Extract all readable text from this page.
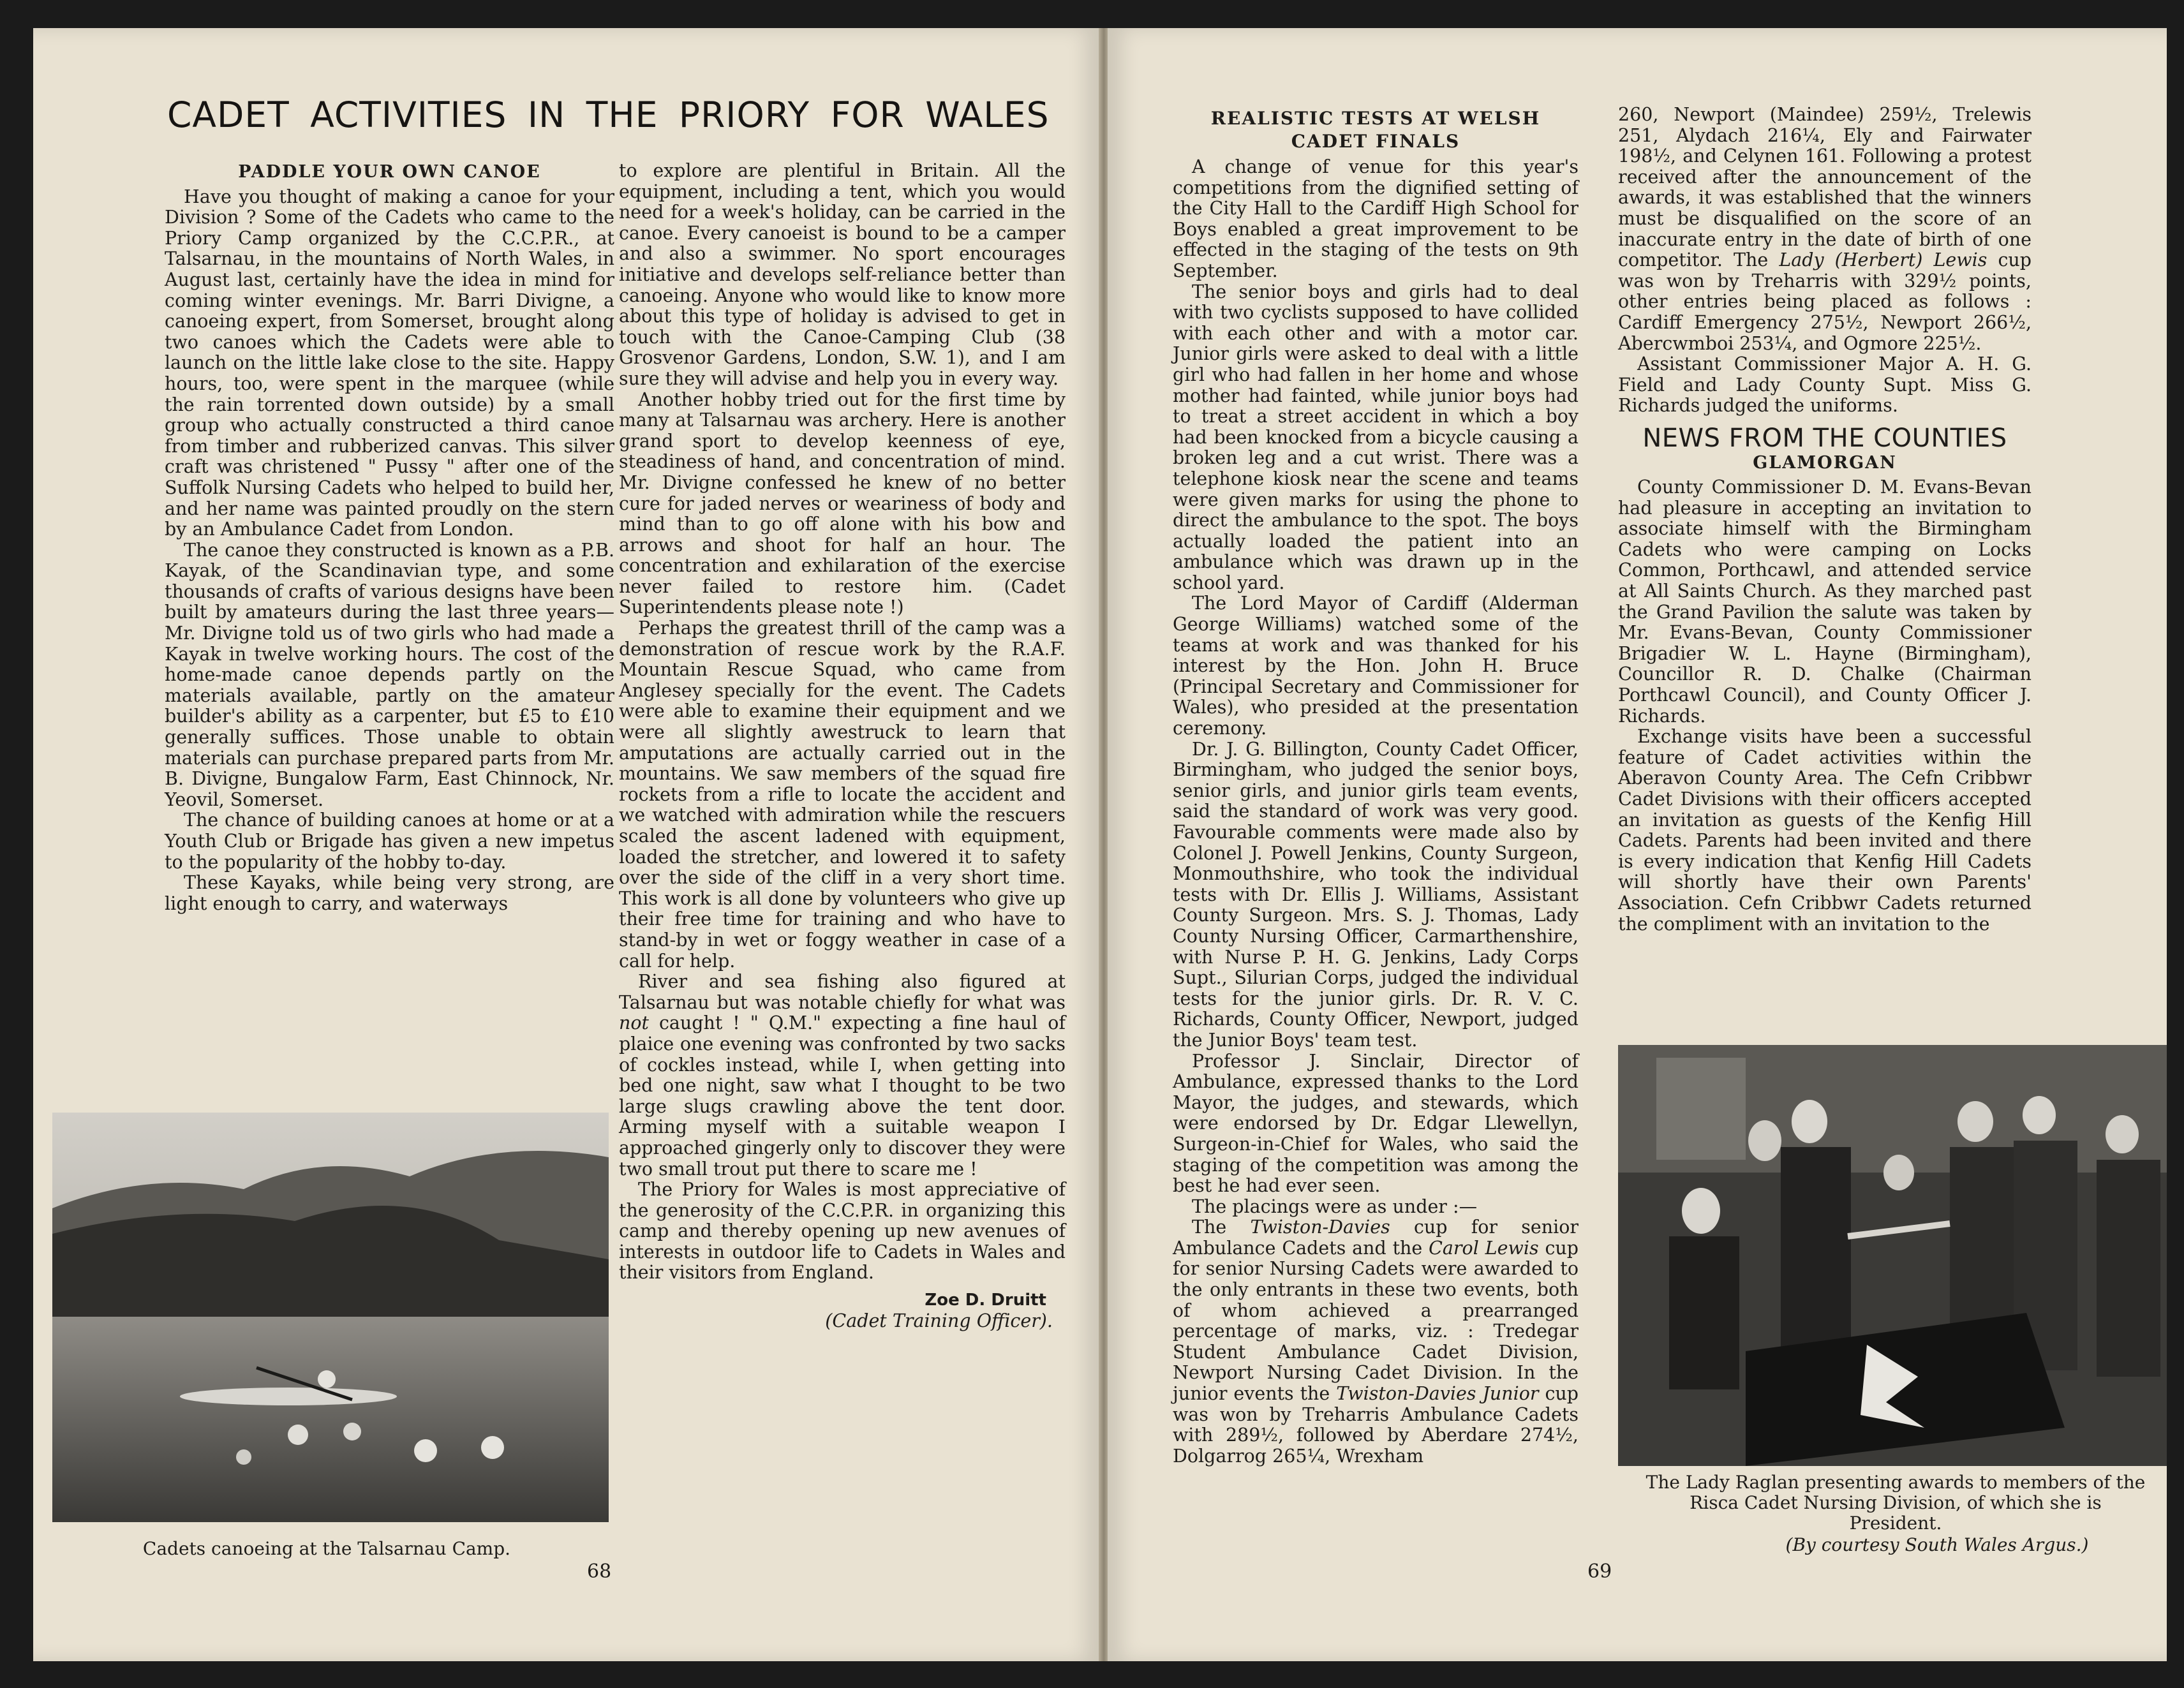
CADET ACTIVITIES IN THE PRIORY FOR WALES
PADDLE YOUR OWN CANOE

Have you thought of making a canoe for your Division ? Some of the Cadets who came to the Priory Camp organized by the C.C.P.R., at Talsarnau, in the mountains of North Wales, in August last, certainly have the idea in mind for coming winter evenings. Mr. Barri Divigne, a canoeing expert, from Somerset, brought along two canoes which the Cadets were able to launch on the little lake close to the site. Happy hours, too, were spent in the marquee (while the rain torrented down outside) by a small group who actually constructed a third canoe from timber and rubberized canvas. This silver craft was christened " Pussy " after one of the Suffolk Nursing Cadets who helped to build her, and her name was painted proudly on the stern by an Ambulance Cadet from London.

The canoe they constructed is known as a P.B. Kayak, of the Scandinavian type, and some thousands of crafts of various designs have been built by amateurs during the last three years— Mr. Divigne told us of two girls who had made a Kayak in twelve working hours. The cost of the home-made canoe depends partly on the materials available, partly on the amateur builder's ability as a carpenter, but £5 to £10 generally suffices. Those unable to obtain materials can purchase prepared parts from Mr. B. Divigne, Bungalow Farm, East Chinnock, Nr. Yeovil, Somerset.

The chance of building canoes at home or at a Youth Club or Brigade has given a new impetus to the popularity of the hobby to-day.

These Kayaks, while being very strong, are light enough to carry, and waterways

to explore are plentiful in Britain. All the equipment, including a tent, which you would need for a week's holiday, can be carried in the canoe. Every canoeist is bound to be a camper and also a swimmer. No sport encourages initiative and develops self-reliance better than canoeing. Anyone who would like to know more about this type of holiday is advised to get in touch with the Canoe-Camping Club (38 Grosvenor Gardens, London, S.W. 1), and I am sure they will advise and help you in every way.

Another hobby tried out for the first time by many at Talsarnau was archery. Here is another grand sport to develop keenness of eye, steadiness of hand, and concentration of mind. Mr. Divigne confessed he knew of no better cure for jaded nerves or weariness of body and mind than to go off alone with his bow and arrows and shoot for half an hour. The concentration and exhilaration of the exercise never failed to restore him. (Cadet Superintendents please note !)

Perhaps the greatest thrill of the camp was a demonstration of rescue work by the R.A.F. Mountain Rescue Squad, who came from Anglesey specially for the event. The Cadets were able to examine their equipment and we were all slightly awestruck to learn that amputations are actually carried out in the mountains. We saw members of the squad fire rockets from a rifle to locate the accident and we watched with admiration while the rescuers scaled the ascent ladened with equipment, loaded the stretcher, and lowered it to safety over the side of the cliff in a very short time. This work is all done by volunteers who give up their free time for training and who have to stand-by in wet or foggy weather in case of a call for help.

River and sea fishing also figured at Talsarnau but was notable chiefly for what was not caught ! " Q.M." expecting a fine haul of plaice one evening was confronted by two sacks of cockles instead, while I, when getting into bed one night, saw what I thought to be two large slugs crawling above the tent door. Arming myself with a suitable weapon I approached gingerly only to discover they were two small trout put there to scare me !

The Priory for Wales is most appreciative of the generosity of the C.C.P.R. in organizing this camp and thereby opening up new avenues of interests in outdoor life to Cadets in Wales and their visitors from England.

Zoe D. Druitt
(Cadet Training Officer).
Cadets canoeing at the Talsarnau Camp.
68
REALISTIC TESTS AT WELSH CADET FINALS

A change of venue for this year's competitions from the dignified setting of the City Hall to the Cardiff High School for Boys enabled a great improvement to be effected in the staging of the tests on 9th September.

The senior boys and girls had to deal with two cyclists supposed to have collided with each other and with a motor car. Junior girls were asked to deal with a little girl who had fallen in her home and whose mother had fainted, while junior boys had to treat a street accident in which a boy had been knocked from a bicycle causing a broken leg and a cut wrist. There was a telephone kiosk near the scene and teams were given marks for using the phone to direct the ambulance to the spot. The boys actually loaded the patient into an ambulance which was drawn up in the school yard.

The Lord Mayor of Cardiff (Alderman George Williams) watched some of the teams at work and was thanked for his interest by the Hon. John H. Bruce (Principal Secretary and Commissioner for Wales), who presided at the presentation ceremony.

Dr. J. G. Billington, County Cadet Officer, Birmingham, who judged the senior boys, senior girls, and junior girls team events, said the standard of work was very good. Favourable comments were made also by Colonel J. Powell Jenkins, County Surgeon, Monmouthshire, who took the individual tests with Dr. Ellis J. Williams, Assistant County Surgeon. Mrs. S. J. Thomas, Lady County Nursing Officer, Carmarthenshire, with Nurse P. H. G. Jenkins, Lady Corps Supt., Silurian Corps, judged the individual tests for the junior girls. Dr. R. V. C. Richards, County Officer, Newport, judged the Junior Boys' team test.

Professor J. Sinclair, Director of Ambulance, expressed thanks to the Lord Mayor, the judges, and stewards, which were endorsed by Dr. Edgar Llewellyn, Surgeon-in-Chief for Wales, who said the staging of the competition was among the best he had ever seen.

The placings were as under :—

The Twiston-Davies cup for senior Ambulance Cadets and the Carol Lewis cup for senior Nursing Cadets were awarded to the only entrants in these two events, both of whom achieved a prearranged percentage of marks, viz. : Tredegar Student Ambulance Cadet Division, Newport Nursing Cadet Division. In the junior events the Twiston-Davies Junior cup was won by Treharris Ambulance Cadets with 289½, followed by Aberdare 274½, Dolgarrog 265¼, Wrexham

260, Newport (Maindee) 259½, Trelewis 251, Alydach 216¼, Ely and Fairwater 198½, and Celynen 161. Following a protest received after the announcement of the awards, it was established that the winners must be disqualified on the score of an inaccurate entry in the date of birth of one competitor. The Lady (Herbert) Lewis cup was won by Treharris with 329½ points, other entries being placed as follows : Cardiff Emergency 275½, Newport 266½, Abercwmboi 253¼, and Ogmore 225½.

Assistant Commissioner Major A. H. G. Field and Lady County Supt. Miss G. Richards judged the uniforms.

NEWS FROM THE COUNTIES
GLAMORGAN

County Commissioner D. M. Evans-Bevan had pleasure in accepting an invitation to associate himself with the Birmingham Cadets who were camping on Locks Common, Porthcawl, and attended service at All Saints Church. As they marched past the Grand Pavilion the salute was taken by Mr. Evans-Bevan, County Commissioner Brigadier W. L. Hayne (Birmingham), Councillor R. D. Chalke (Chairman Porthcawl Council), and County Officer J. Richards.

Exchange visits have been a successful feature of Cadet activities within the Aberavon County Area. The Cefn Cribbwr Cadet Divisions with their officers accepted an invitation as guests of the Kenfig Hill Cadets. Parents had been invited and there is every indication that Kenfig Hill Cadets will shortly have their own Parents' Association. Cefn Cribbwr Cadets returned the compliment with an invitation to the

The Lady Raglan presenting awards to members of the Risca Cadet Nursing Division, of which she is President.
(By courtesy South Wales Argus.)
69
